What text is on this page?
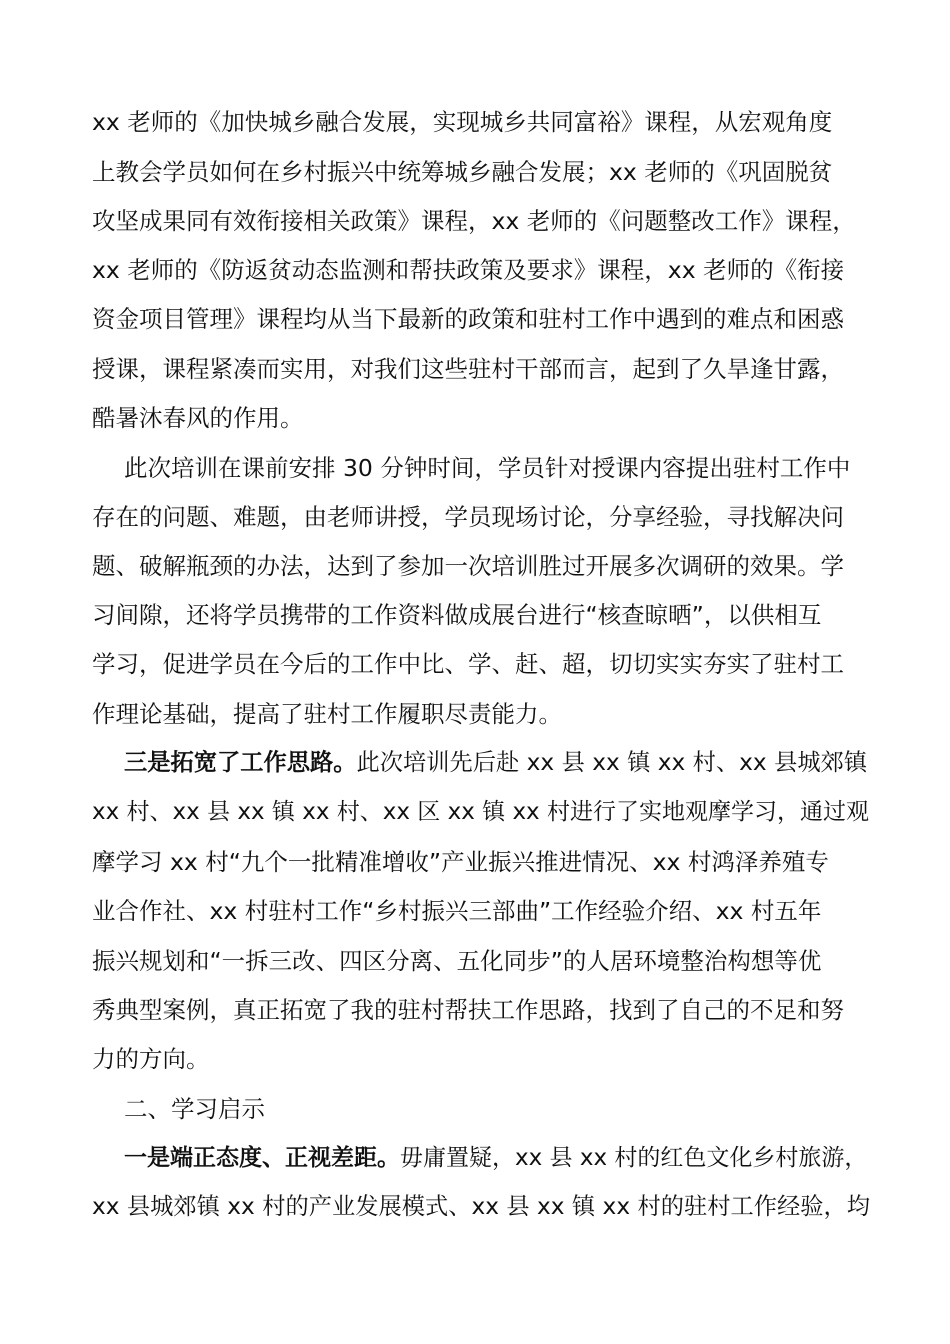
xx 老师的《加快城乡融合发展，实现城乡共同富裕》课程，从宏观角度
上教会学员如何在乡村振兴中统筹城乡融合发展；xx 老师的《巩固脱贫
攻坚成果同有效衔接相关政策》课程，xx 老师的《问题整改工作》课程，
xx 老师的《防返贫动态监测和帮扶政策及要求》课程，xx 老师的《衔接
资金项目管理》课程均从当下最新的政策和驻村工作中遇到的难点和困惑
授课，课程紧凑而实用，对我们这些驻村干部而言，起到了久旱逢甘露，
酷暑沐春风的作用。
此次培训在课前安排 30 分钟时间，学员针对授课内容提出驻村工作中
存在的问题、难题，由老师讲授，学员现场讨论，分享经验，寻找解决问
题、破解瓶颈的办法，达到了参加一次培训胜过开展多次调研的效果。学
习间隙，还将学员携带的工作资料做成展台进行“核查晾晒”，以供相互
学习，促进学员在今后的工作中比、学、赶、超，切切实实夯实了驻村工
作理论基础，提高了驻村工作履职尽责能力。
三是拓宽了工作思路。此次培训先后赴 xx 县 xx 镇 xx 村、xx 县城郊镇
xx 村、xx 县 xx 镇 xx 村、xx 区 xx 镇 xx 村进行了实地观摩学习，通过观
摩学习 xx 村“九个一批精准增收”产业振兴推进情况、xx 村鸿泽养殖专
业合作社、xx 村驻村工作“乡村振兴三部曲”工作经验介绍、xx 村五年
振兴规划和“一拆三改、四区分离、五化同步”的人居环境整治构想等优
秀典型案例，真正拓宽了我的驻村帮扶工作思路，找到了自己的不足和努
力的方向。
二、学习启示
一是端正态度、正视差距。毋庸置疑，xx 县 xx 村的红色文化乡村旅游，
xx 县城郊镇 xx 村的产业发展模式、xx 县 xx 镇 xx 村的驻村工作经验，均
